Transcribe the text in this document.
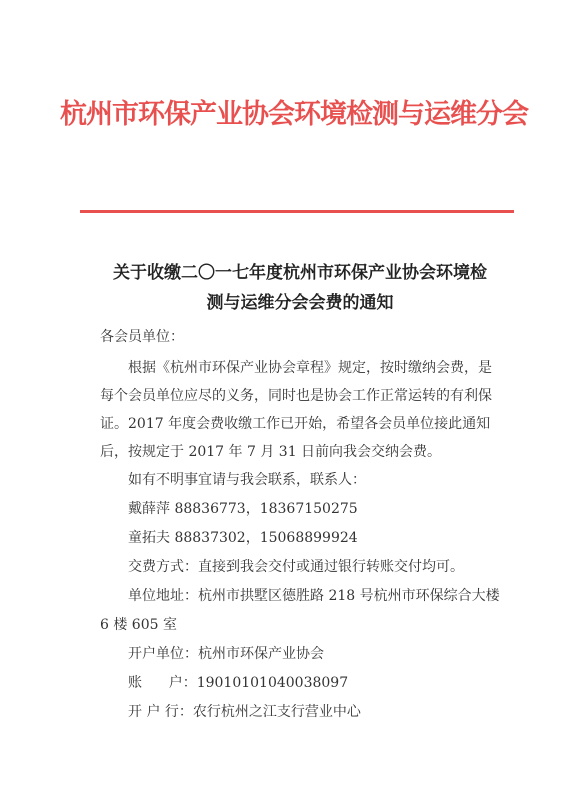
杭州市环保产业协会环境检测与运维分会
关于收缴二〇一七年度杭州市环保产业协会环境检
测与运维分会会费的通知
各会员单位：
根据《杭州市环保产业协会章程》规定，按时缴纳会费，是
每个会员单位应尽的义务，同时也是协会工作正常运转的有利保
证。2017 年度会费收缴工作已开始，希望各会员单位接此通知
后，按规定于 2017 年 7 月 31 日前向我会交纳会费。
如有不明事宜请与我会联系，联系人：
戴薛萍 88836773，18367150275
童拓夫 88837302，15068899924
交费方式：直接到我会交付或通过银行转账交付均可。
单位地址：杭州市拱墅区德胜路 218 号杭州市环保综合大楼
6 楼 605 室
开户单位：杭州市环保产业协会
账      户：19010101040038097
开 户 行：农行杭州之江支行营业中心
